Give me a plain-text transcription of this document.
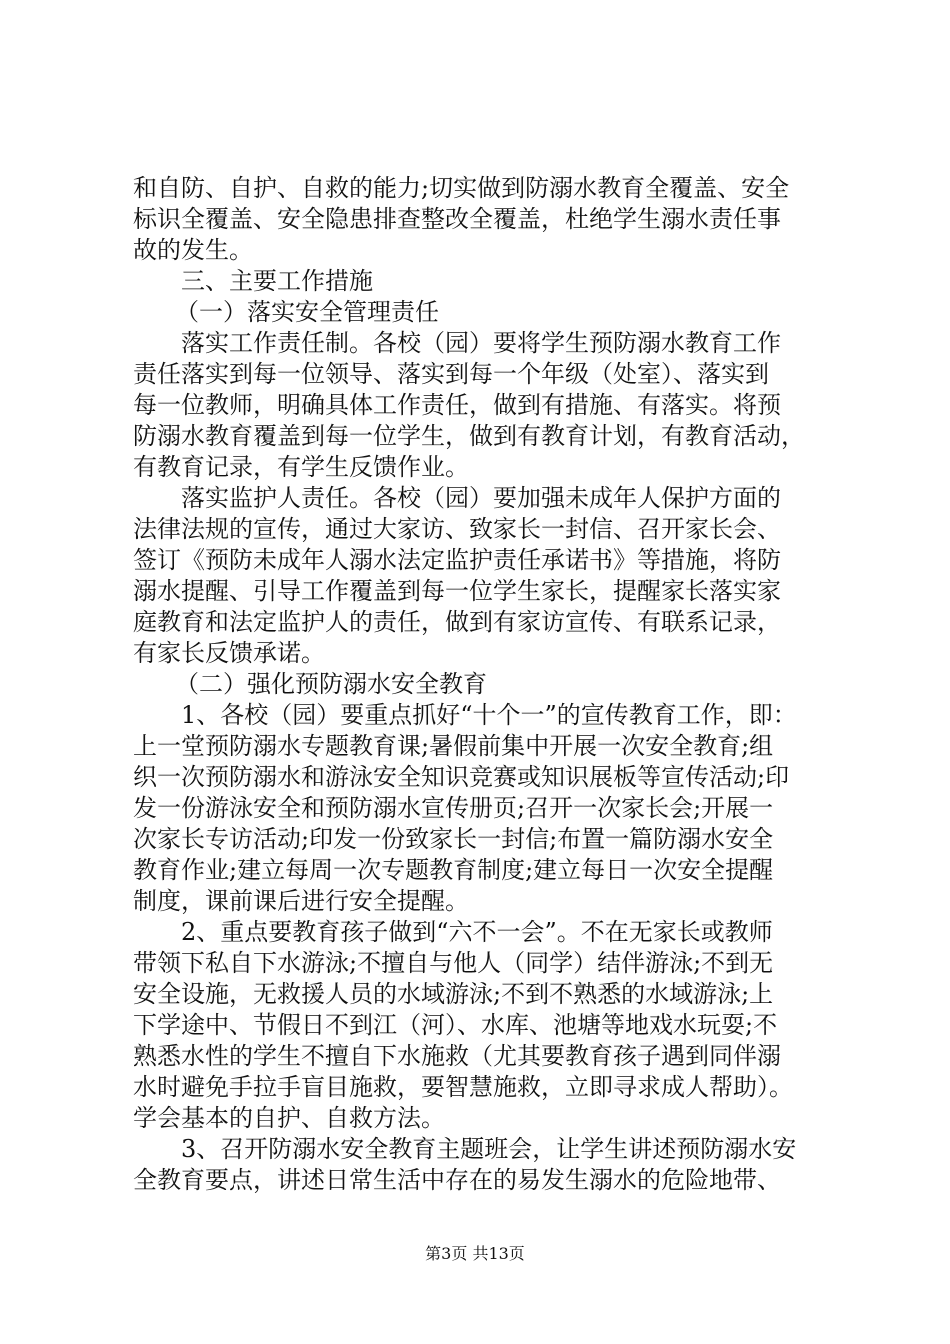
和自防、自护、自救的能力;切实做到防溺水教育全覆盖、安全
标识全覆盖、安全隐患排查整改全覆盖，杜绝学生溺水责任事
故的发生。
三、主要工作措施
（一）落实安全管理责任
落实工作责任制。各校（园）要将学生预防溺水教育工作
责任落实到每一位领导、落实到每一个年级（处室）、落实到
每一位教师，明确具体工作责任，做到有措施、有落实。将预
防溺水教育覆盖到每一位学生，做到有教育计划，有教育活动，
有教育记录，有学生反馈作业。
落实监护人责任。各校（园）要加强未成年人保护方面的
法律法规的宣传，通过大家访、致家长一封信、召开家长会、
签订《预防未成年人溺水法定监护责任承诺书》等措施，将防
溺水提醒、引导工作覆盖到每一位学生家长，提醒家长落实家
庭教育和法定监护人的责任，做到有家访宣传、有联系记录，
有家长反馈承诺。
（二）强化预防溺水安全教育
1、各校（园）要重点抓好“十个一”的宣传教育工作，即：
上一堂预防溺水专题教育课;暑假前集中开展一次安全教育;组
织一次预防溺水和游泳安全知识竞赛或知识展板等宣传活动;印
发一份游泳安全和预防溺水宣传册页;召开一次家长会;开展一
次家长专访活动;印发一份致家长一封信;布置一篇防溺水安全
教育作业;建立每周一次专题教育制度;建立每日一次安全提醒
制度，课前课后进行安全提醒。
2、重点要教育孩子做到“六不一会”。不在无家长或教师
带领下私自下水游泳;不擅自与他人（同学）结伴游泳;不到无
安全设施，无救援人员的水域游泳;不到不熟悉的水域游泳;上
下学途中、节假日不到江（河）、水库、池塘等地戏水玩耍;不
熟悉水性的学生不擅自下水施救（尤其要教育孩子遇到同伴溺
水时避免手拉手盲目施救，要智慧施救，立即寻求成人帮助）。
学会基本的自护、自救方法。
3、召开防溺水安全教育主题班会，让学生讲述预防溺水安
全教育要点，讲述日常生活中存在的易发生溺水的危险地带、
第3页 共13页
